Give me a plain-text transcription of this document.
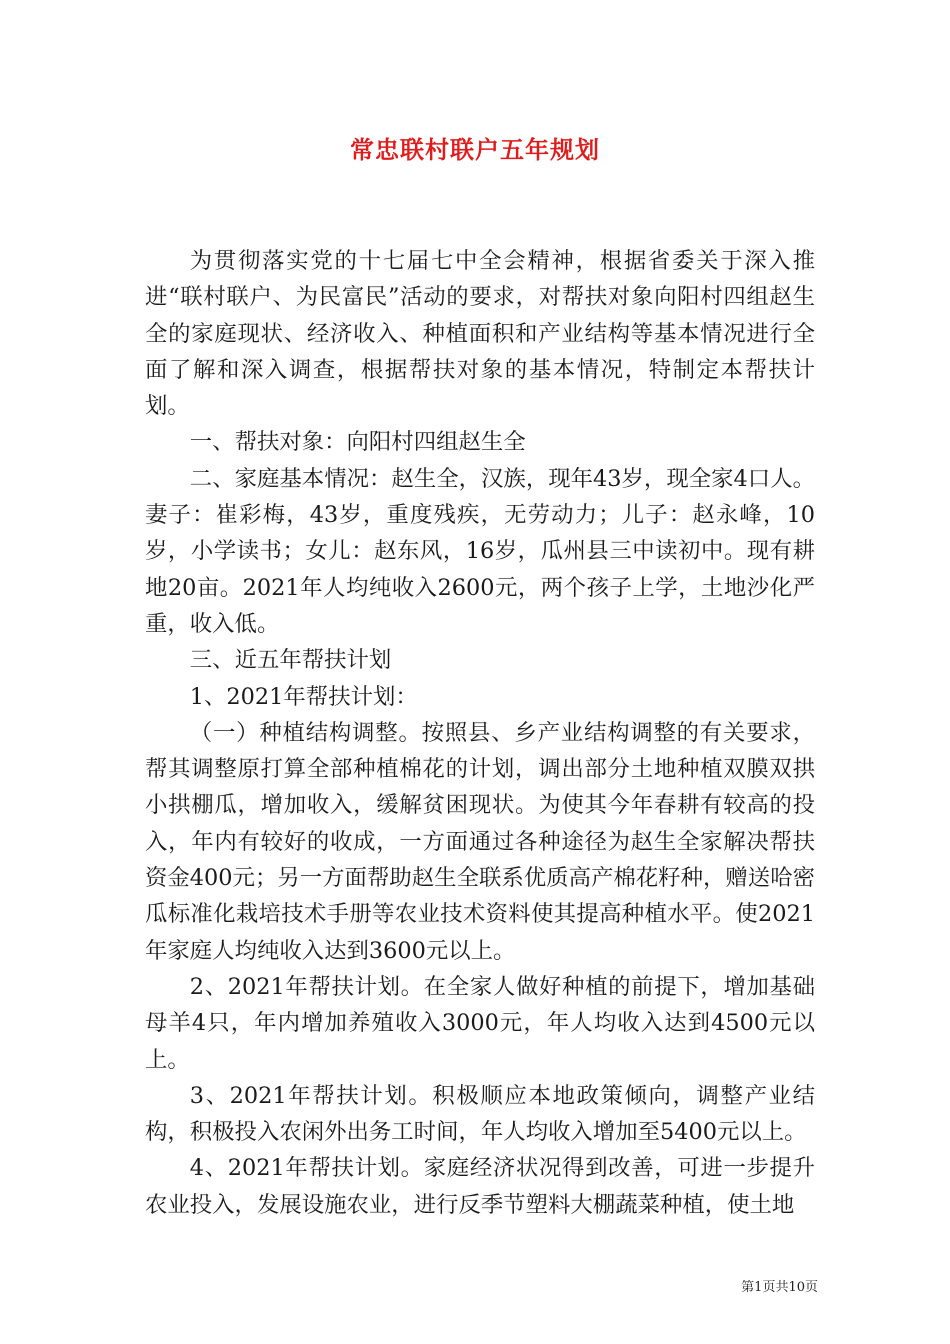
常忠联村联户五年规划

为贯彻落实党的十七届七中全会精神，根据省委关于深入推进“联村联户、为民富民”活动的要求，对帮扶对象向阳村四组赵生全的家庭现状、经济收入、种植面积和产业结构等基本情况进行全面了解和深入调查，根据帮扶对象的基本情况，特制定本帮扶计划。

一、帮扶对象：向阳村四组赵生全

二、家庭基本情况：赵生全，汉族，现年43岁，现全家4口人。妻子：崔彩梅，43岁，重度残疾，无劳动力；儿子：赵永峰，10岁，小学读书；女儿：赵东风，16岁，瓜州县三中读初中。现有耕地20亩。2021年人均纯收入2600元，两个孩子上学，土地沙化严重，收入低。

三、近五年帮扶计划

1、2021年帮扶计划：

（一）种植结构调整。按照县、乡产业结构调整的有关要求，帮其调整原打算全部种植棉花的计划，调出部分土地种植双膜双拱小拱棚瓜，增加收入，缓解贫困现状。为使其今年春耕有较高的投入，年内有较好的收成，一方面通过各种途径为赵生全家解决帮扶资金400元；另一方面帮助赵生全联系优质高产棉花籽种，赠送哈密瓜标准化栽培技术手册等农业技术资料使其提高种植水平。使2021年家庭人均纯收入达到3600元以上。

2、2021年帮扶计划。在全家人做好种植的前提下，增加基础母羊4只，年内增加养殖收入3000元，年人均收入达到4500元以上。

3、2021年帮扶计划。积极顺应本地政策倾向，调整产业结构，积极投入农闲外出务工时间，年人均收入增加至5400元以上。

4、2021年帮扶计划。家庭经济状况得到改善，可进一步提升农业投入，发展设施农业，进行反季节塑料大棚蔬菜种植，使土地

第1页共10页
